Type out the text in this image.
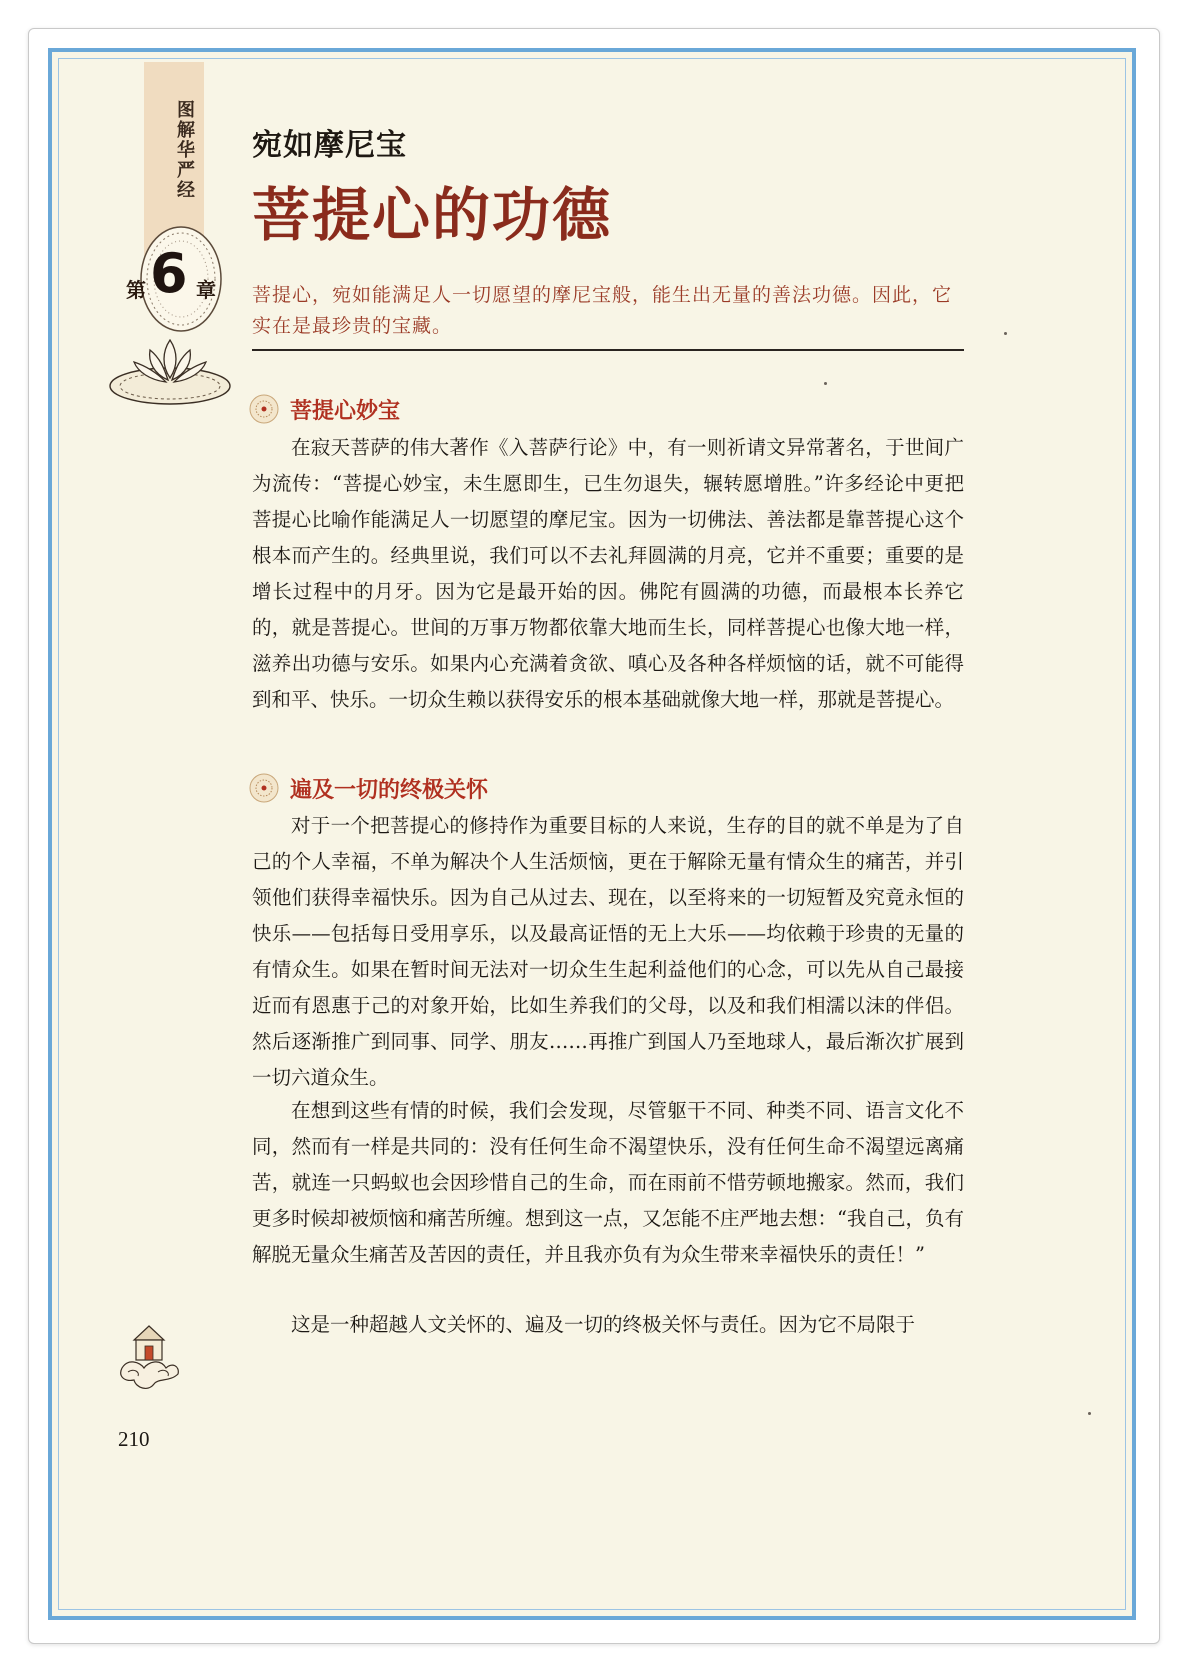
图解华严经
第 6 章
宛如摩尼宝
菩提心的功德
菩提心，宛如能满足人一切愿望的摩尼宝般，能生出无量的善法功德。因此，它实在是最珍贵的宝藏。
菩提心妙宝

在寂天菩萨的伟大著作《入菩萨行论》中，有一则祈请文异常著名，于世间广为流传：“菩提心妙宝，未生愿即生，已生勿退失，辗转愿增胜。”许多经论中更把菩提心比喻作能满足人一切愿望的摩尼宝。因为一切佛法、善法都是靠菩提心这个根本而产生的。经典里说，我们可以不去礼拜圆满的月亮，它并不重要；重要的是增长过程中的月牙。因为它是最开始的因。佛陀有圆满的功德，而最根本长养它的，就是菩提心。世间的万事万物都依靠大地而生长，同样菩提心也像大地一样，滋养出功德与安乐。如果内心充满着贪欲、嗔心及各种各样烦恼的话，就不可能得到和平、快乐。一切众生赖以获得安乐的根本基础就像大地一样，那就是菩提心。

遍及一切的终极关怀

对于一个把菩提心的修持作为重要目标的人来说，生存的目的就不单是为了自己的个人幸福，不单为解决个人生活烦恼，更在于解除无量有情众生的痛苦，并引领他们获得幸福快乐。因为自己从过去、现在，以至将来的一切短暂及究竟永恒的快乐——包括每日受用享乐，以及最高证悟的无上大乐——均依赖于珍贵的无量的有情众生。如果在暂时间无法对一切众生生起利益他们的心念，可以先从自己最接近而有恩惠于己的对象开始，比如生养我们的父母，以及和我们相濡以沫的伴侣。然后逐渐推广到同事、同学、朋友……再推广到国人乃至地球人，最后渐次扩展到一切六道众生。

在想到这些有情的时候，我们会发现，尽管躯干不同、种类不同、语言文化不同，然而有一样是共同的：没有任何生命不渴望快乐，没有任何生命不渴望远离痛苦，就连一只蚂蚁也会因珍惜自己的生命，而在雨前不惜劳顿地搬家。然而，我们更多时候却被烦恼和痛苦所缠。想到这一点，又怎能不庄严地去想：“我自己，负有解脱无量众生痛苦及苦因的责任，并且我亦负有为众生带来幸福快乐的责任！”

这是一种超越人文关怀的、遍及一切的终极关怀与责任。因为它不局限于

210
